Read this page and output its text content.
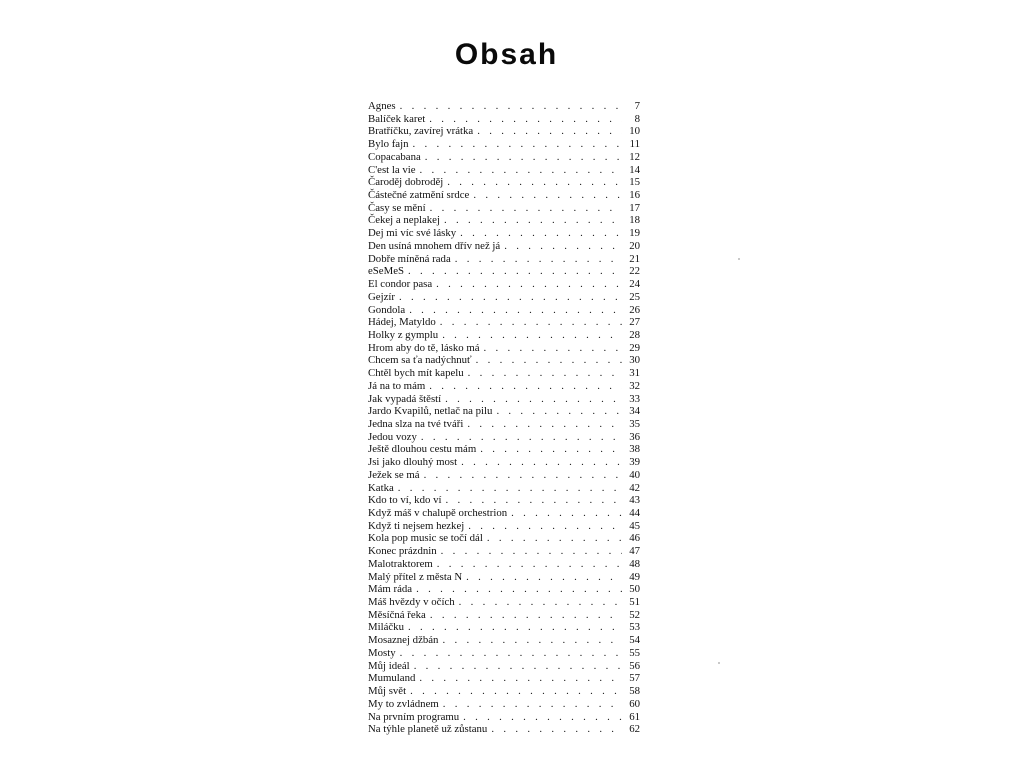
Obsah
Agnes . . .	7
Balíček karet . . .	8
Bratříčku, zavírej vrátka . . .	10
Bylo fajn . . .	11
Copacabana . . .	12
C'est la vie . . .	14
Čaroděj dobroděj . . .	15
Částečné zatmění srdce . . .	16
Časy se mění . . .	17
Čekej a neplakej . . .	18
Dej mi víc své lásky . . .	19
Den usíná mnohem dřív než já . . .	20
Dobře míněná rada . . .	21
eSeMeS . . .	22
El condor pasa . . .	24
Gejzír . . .	25
Gondola . . .	26
Hádej, Matyldo . . .	27
Holky z gymplu . . .	28
Hrom aby do tě, lásko má . . .	29
Chcem sa ťa nadýchnuť . . .	30
Chtěl bych mít kapelu . . .	31
Já na to mám . . .	32
Jak vypadá štěstí . . .	33
Jardo Kvapilů, netlač na pilu . . .	34
Jedna slza na tvé tváři . . .	35
Jedou vozy . . .	36
Ještě dlouhou cestu mám . . .	38
Jsi jako dlouhý most . . .	39
Ježek se má . . .	40
Katka . . .	42
Kdo to ví, kdo ví . . .	43
Když máš v chalupě orchestrion . . .	44
Když ti nejsem hezkej . . .	45
Kola pop music se točí dál . . .	46
Konec prázdnin . . .	47
Malotraktorem . . .	48
Malý přítel z města N . . .	49
Mám ráda . . .	50
Máš hvězdy v očích . . .	51
Měsíčná řeka . . .	52
Miláčku . . .	53
Mosaznej džbán . . .	54
Mosty . . .	55
Můj ideál . . .	56
Mumuland . . .	57
Můj svět . . .	58
My to zvládnem . . .	60
Na prvním programu . . .	61
Na týhle planetě už zůstanu . . .	62
